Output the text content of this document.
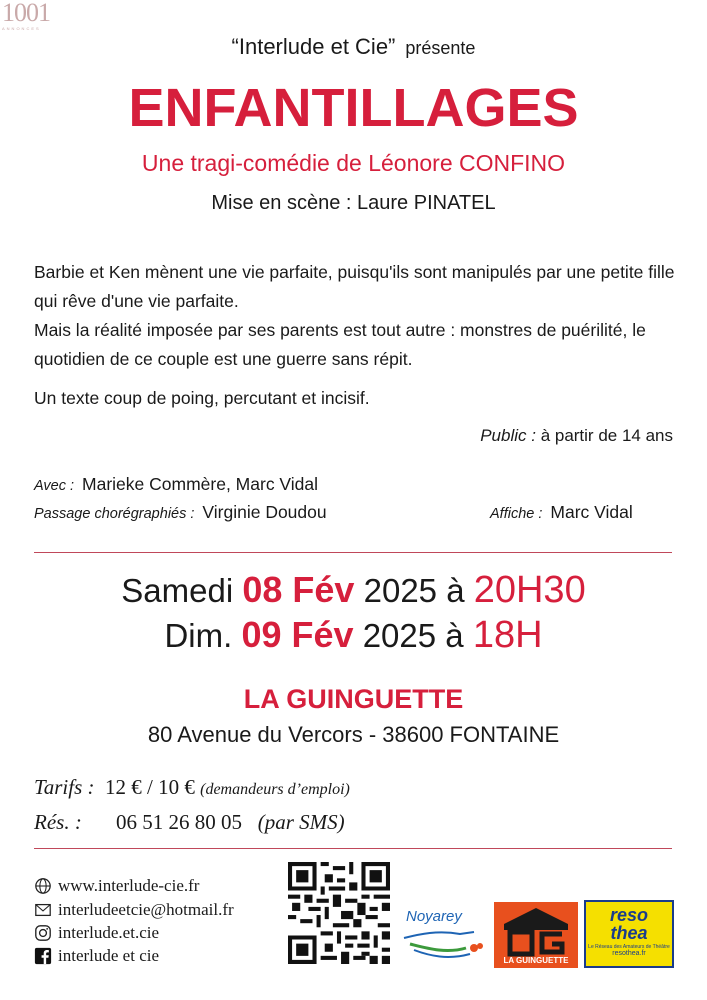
1001
ANNONCES
“Interlude et Cie” présente
ENFANTILLAGES
Une tragi-comédie de Léonore CONFINO
Mise en scène : Laure PINATEL

Barbie et Ken mènent une vie parfaite, puisqu'ils sont manipulés par une petite fille qui rêve d'une vie parfaite.

Mais la réalité imposée par ses parents est tout autre : monstres de puérilité, le quotidien de ce couple est une guerre sans répit.

Un texte coup de poing, percutant et incisif.

Public : à partir de 14 ans
Avec : Marieke Commère, Marc Vidal
Passage chorégraphiés : Virginie Doudou	Affiche : Marc Vidal
Samedi 08 Fév 2025 à 20H30
Dim. 09 Fév 2025 à 18H
LA GUINGUETTE
80 Avenue du Vercors - 38600 FONTAINE
Tarifs : 12 € / 10 € (demandeurs d’emploi)
Rés. : 06 51 26 80 05 (par SMS)
www.interlude-cie.fr
interludeetcie@hotmail.fr
interlude.et.cie
interlude et cie
Noyarey
LA GUINGUETTE
reso
thea
Le Réseau des Amateurs de Théâtre
resothea.fr
